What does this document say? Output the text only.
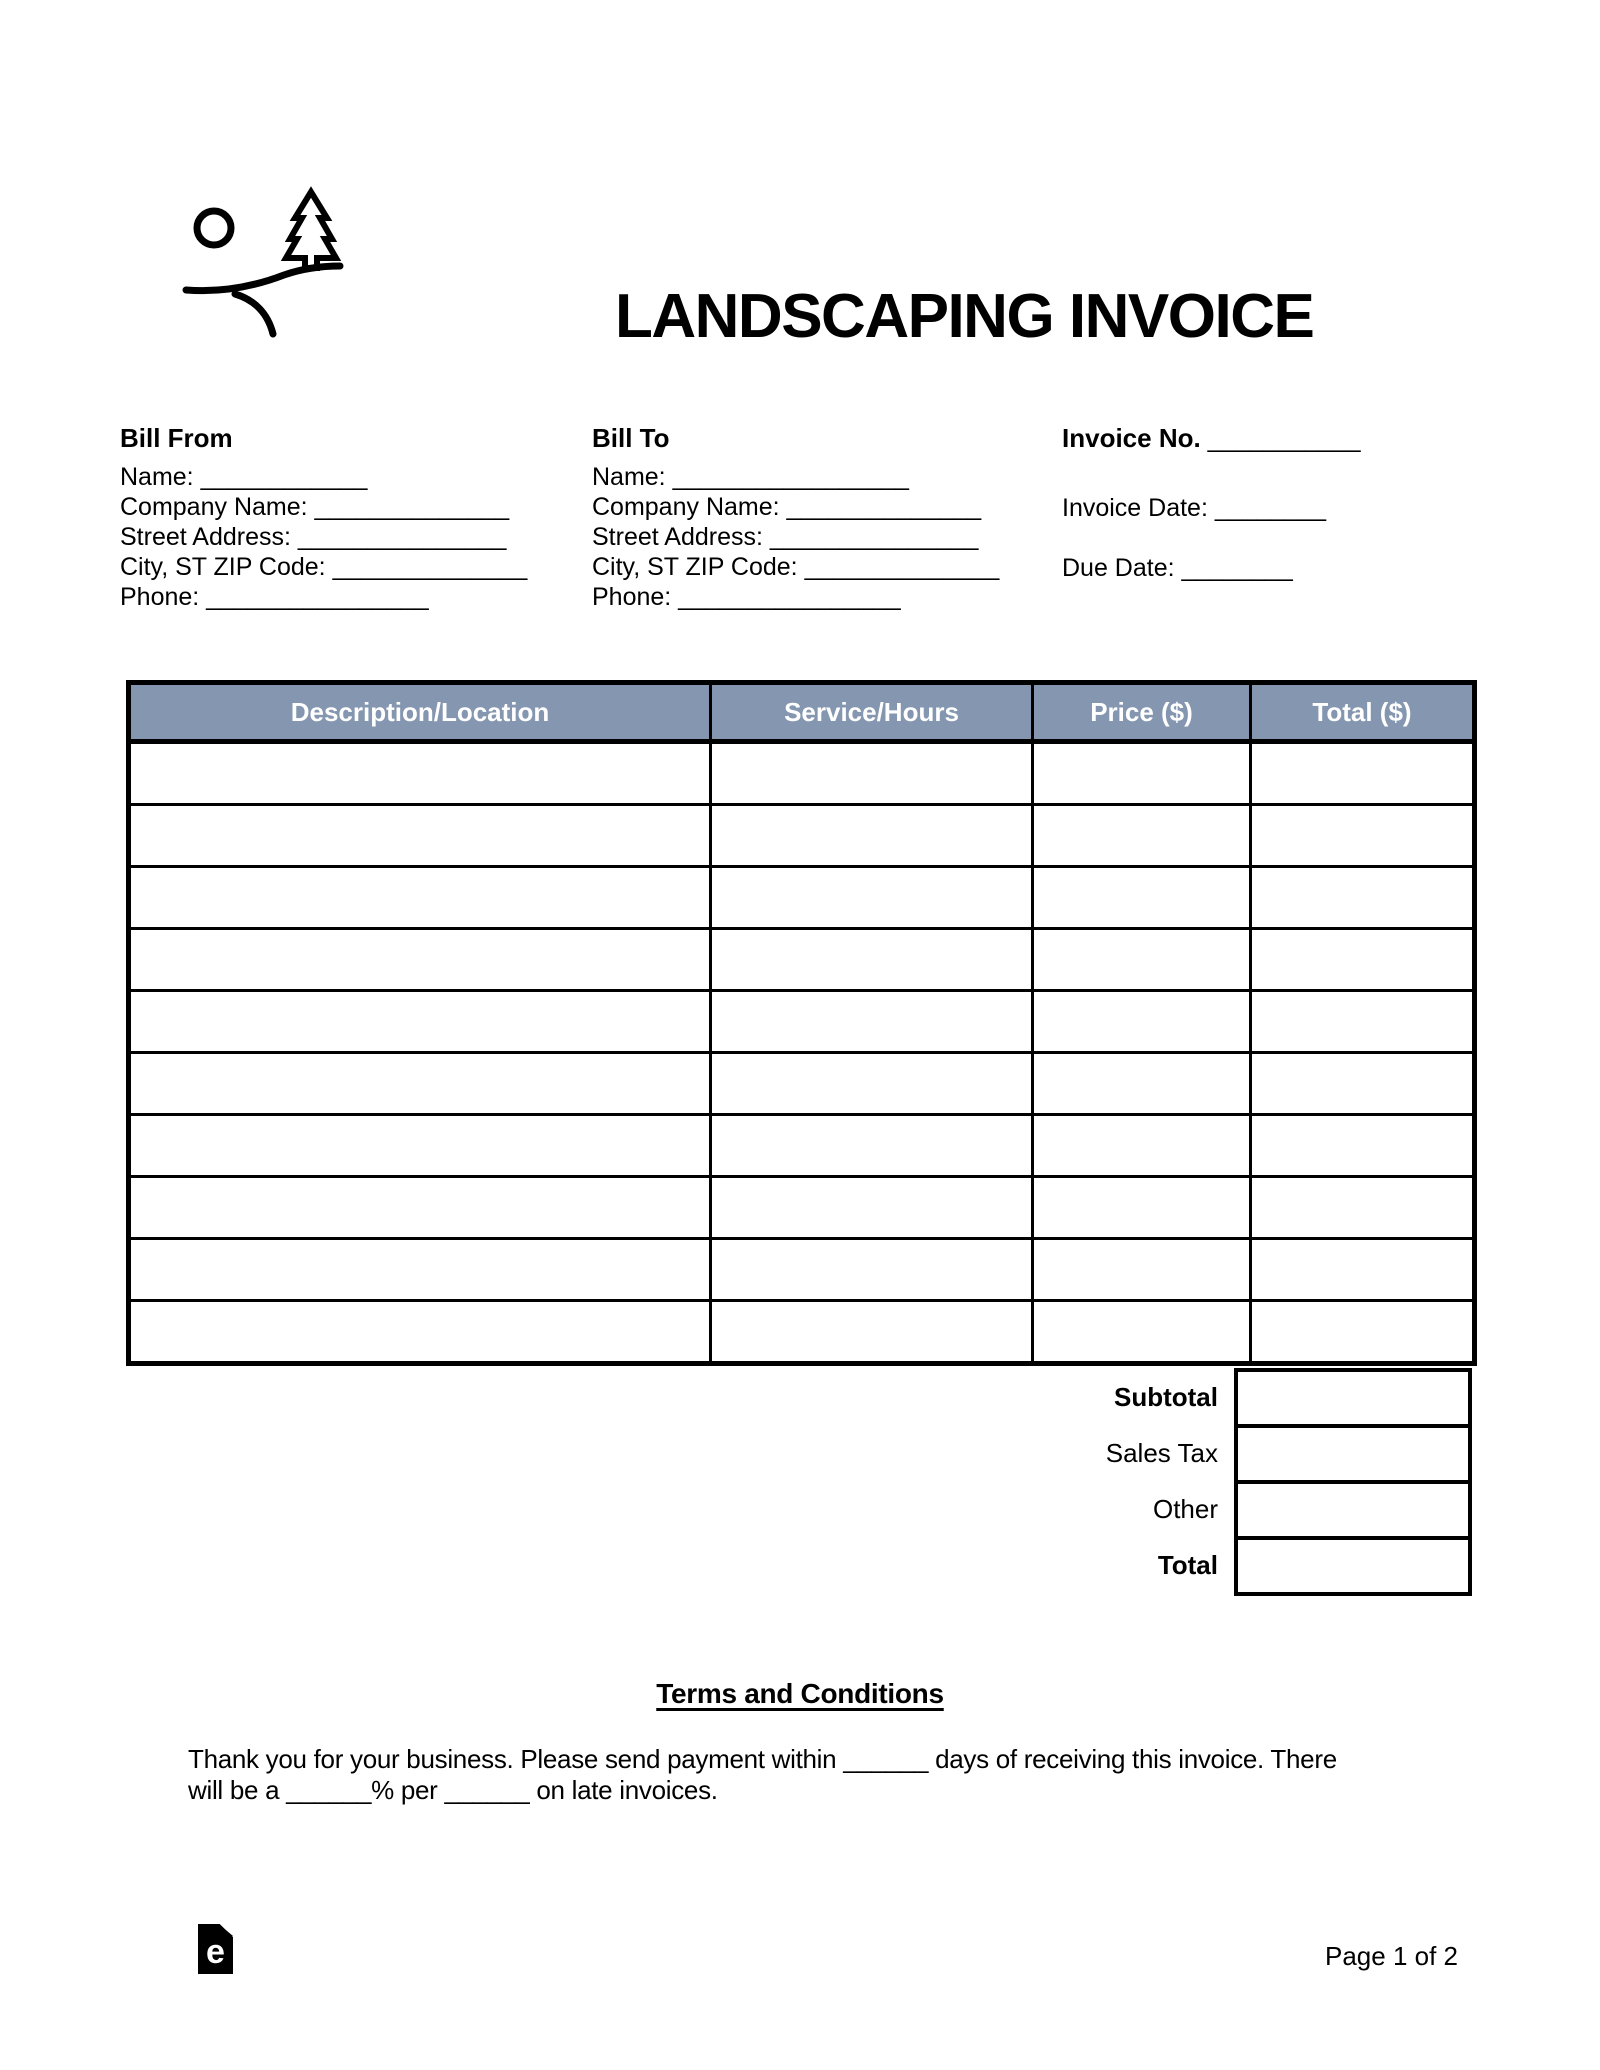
LANDSCAPING INVOICE
Bill From
Name: ____________
Company Name: ______________
Street Address: _______________
City, ST ZIP Code: ______________
Phone: ________________
Bill To
Name: _________________
Company Name: ______________
Street Address: _______________
City, ST ZIP Code: ______________
Phone: ________________
Invoice No. ___________
Invoice Date: ________
Due Date: ________
Description/Location	Service/Hours	Price ($)	Total ($)

Subtotal
Sales Tax
Other
Total
Terms and Conditions
Thank you for your business. Please send payment within ______ days of receiving this invoice. There
will be a ______% per ______ on late invoices.
e	Page 1 of 2
